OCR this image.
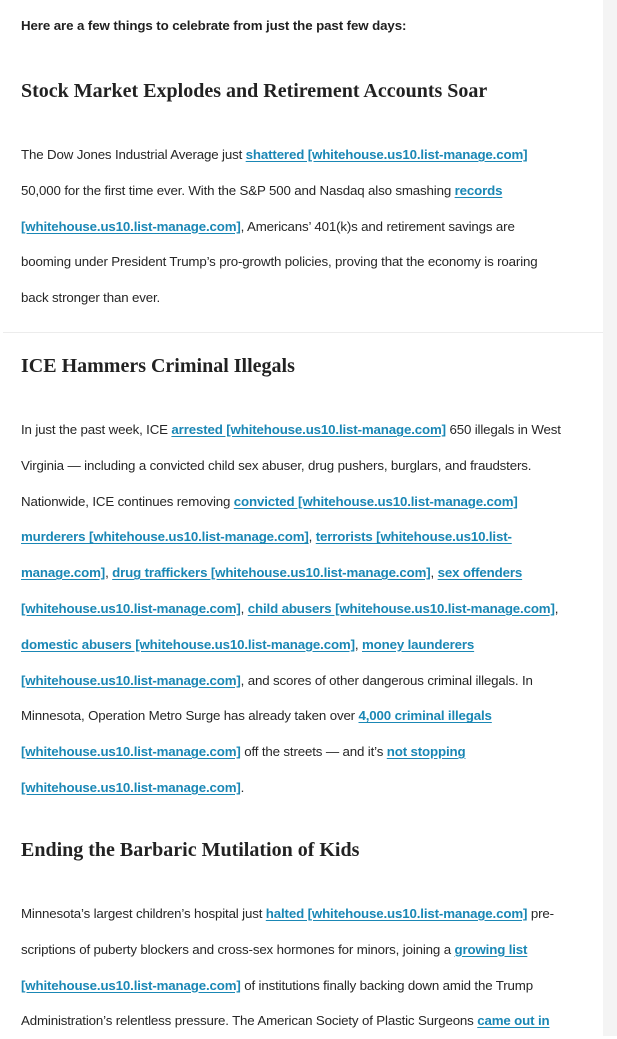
Here are a few things to celebrate from just the past few days:
Stock Market Explodes and Retirement Accounts Soar

The Dow Jones Industrial Average just shattered [whitehouse.us10.list-manage.com]
50,000 for the first time ever. With the S&P 500 and Nasdaq also smashing records
[whitehouse.us10.list-manage.com], Americans’ 401(k)s and retirement savings are
booming under President Trump’s pro-growth policies, proving that the economy is roaring
back stronger than ever.

ICE Hammers Criminal Illegals

In just the past week, ICE arrested [whitehouse.us10.list-manage.com] 650 illegals in West
Virginia — including a convicted child sex abuser, drug pushers, burglars, and fraudsters.
Nationwide, ICE continues removing convicted [whitehouse.us10.list-manage.com]
murderers [whitehouse.us10.list-manage.com], terrorists [whitehouse.us10.list-
manage.com], drug traffickers [whitehouse.us10.list-manage.com], sex offenders
[whitehouse.us10.list-manage.com], child abusers [whitehouse.us10.list-manage.com],
domestic abusers [whitehouse.us10.list-manage.com], money launderers
[whitehouse.us10.list-manage.com], and scores of other dangerous criminal illegals. In
Minnesota, Operation Metro Surge has already taken over 4,000 criminal illegals
[whitehouse.us10.list-manage.com] off the streets — and it’s not stopping
[whitehouse.us10.list-manage.com].

Ending the Barbaric Mutilation of Kids

Minnesota’s largest children’s hospital just halted [whitehouse.us10.list-manage.com] pre-
scriptions of puberty blockers and cross-sex hormones for minors, joining a growing list
[whitehouse.us10.list-manage.com] of institutions finally backing down amid the Trump
Administration’s relentless pressure. The American Society of Plastic Surgeons came out in
